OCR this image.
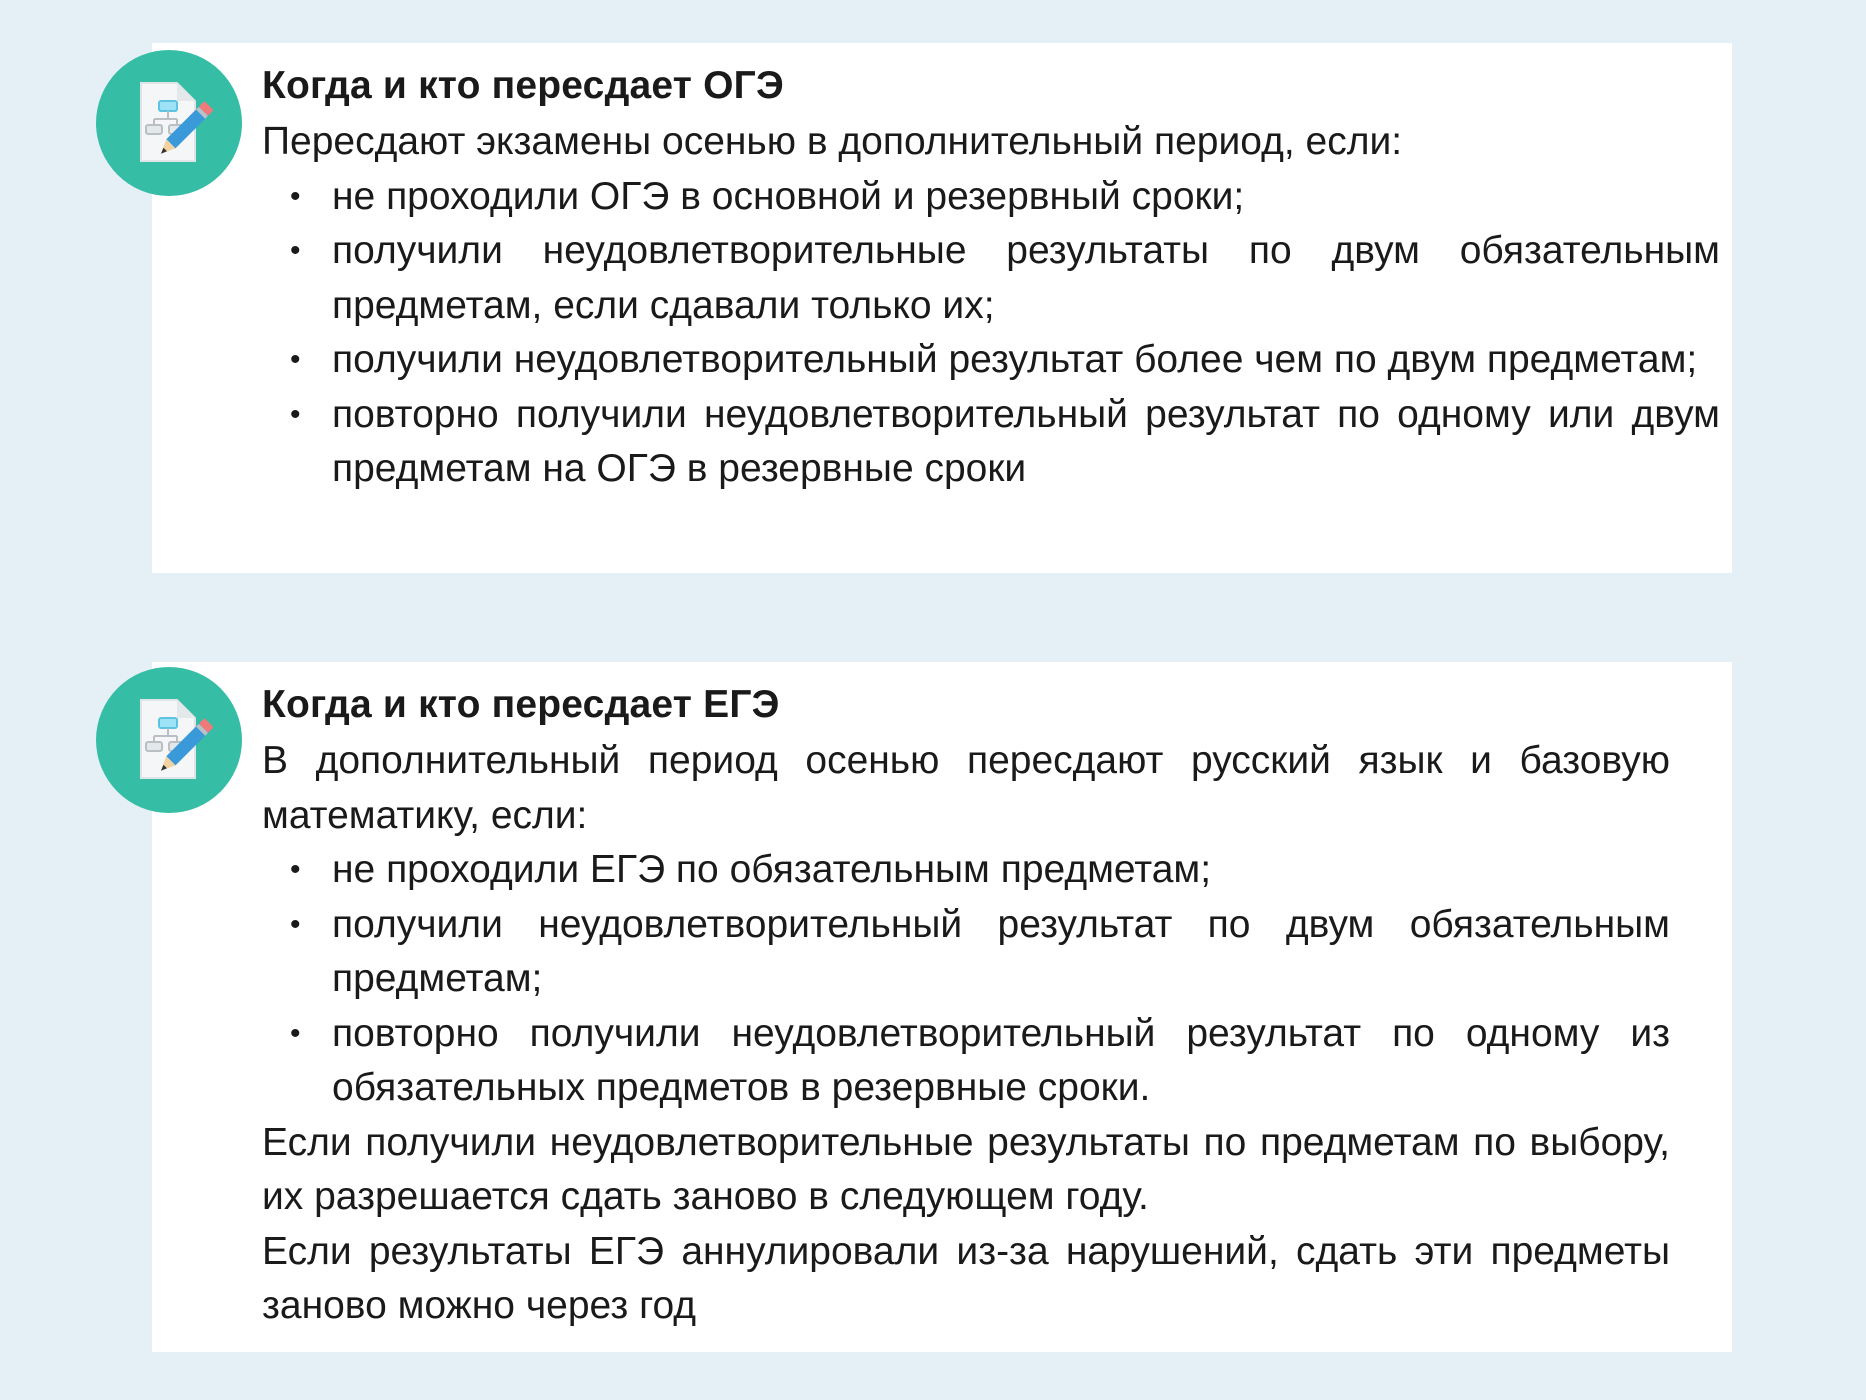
Когда и кто пересдает ОГЭ

Пересдают экзамены осенью в дополнительный период, если:

• не проходили ОГЭ в основной и резервный сроки;
• получили неудовлетворительные результаты по двум обязательным предметам, если сдавали только их;
• получили неудовлетворительный результат более чем по двум предметам;
• повторно получили неудовлетворительный результат по одному или двум предметам на ОГЭ в резервные сроки
Когда и кто пересдает ЕГЭ

В дополнительный период осенью пересдают русский язык и базовую математику, если:

• не проходили ЕГЭ по обязательным предметам;
• получили неудовлетворительный результат по двум обязательным предметам;
• повторно получили неудовлетворительный результат по одному из обязательных предметов в резервные сроки.

Если получили неудовлетворительные результаты по предметам по выбору, их разрешается сдать заново в следующем году.

Если результаты ЕГЭ аннулировали из-за нарушений, сдать эти предметы заново можно через год
